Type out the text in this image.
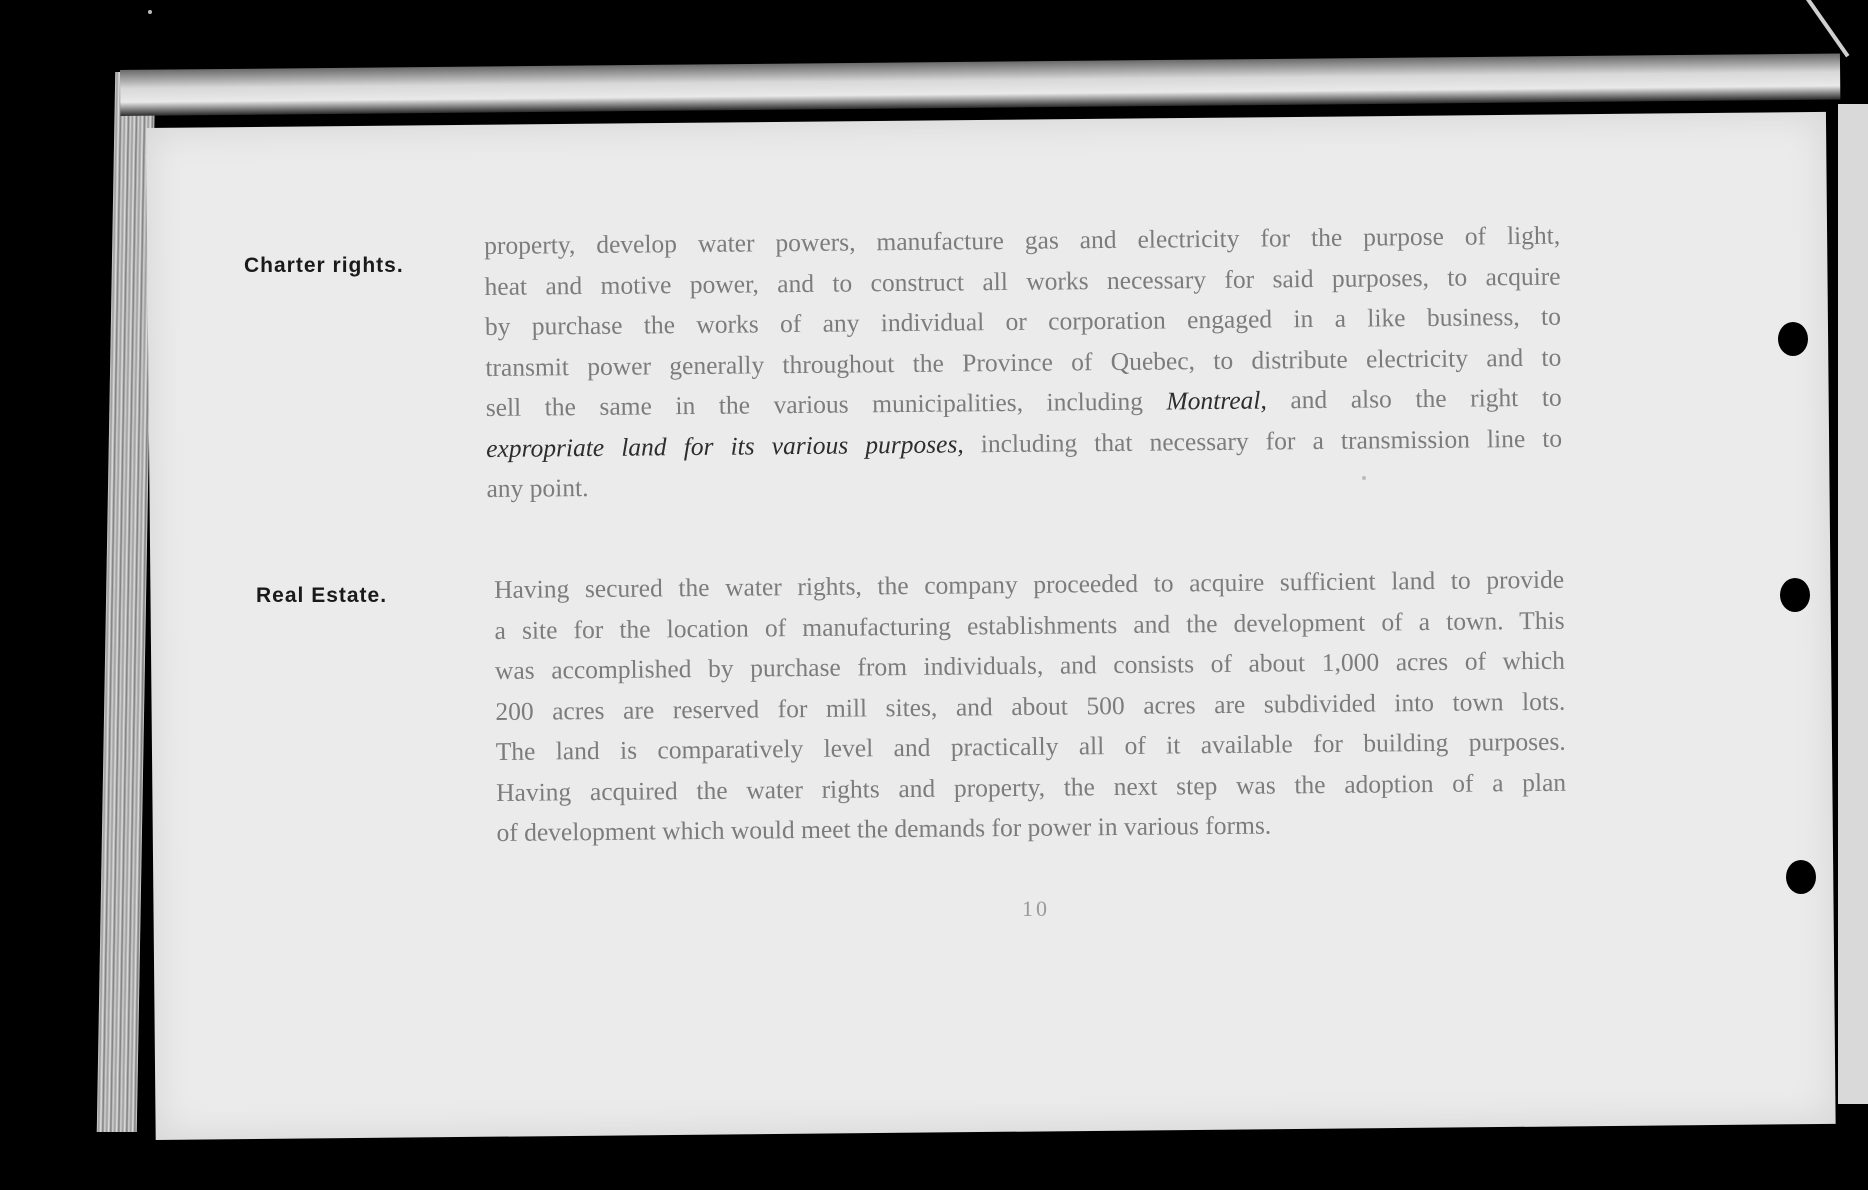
Charter rights.
property, develop water powers, manufacture gas and electricity for the purpose of light,
heat and motive power, and to construct all works necessary for said purposes, to acquire
by purchase the works of any individual or corporation engaged in a like business, to
transmit power generally throughout the Province of Quebec, to distribute electricity and to
sell the same in the various municipalities, including Montreal, and also the right to
expropriate land for its various purposes, including that necessary for a transmission line to
any point.
Real Estate.	Having secured the water rights, the company proceeded to acquire sufficient land to provide
a site for the location of manufacturing establishments and the development of a town. This
was accomplished by purchase from individuals, and consists of about 1,000 acres of which
200 acres are reserved for mill sites, and about 500 acres are subdivided into town lots.
The land is comparatively level and practically all of it available for building purposes.
Having acquired the water rights and property, the next step was the adoption of a plan
of development which would meet the demands for power in various forms.
10
